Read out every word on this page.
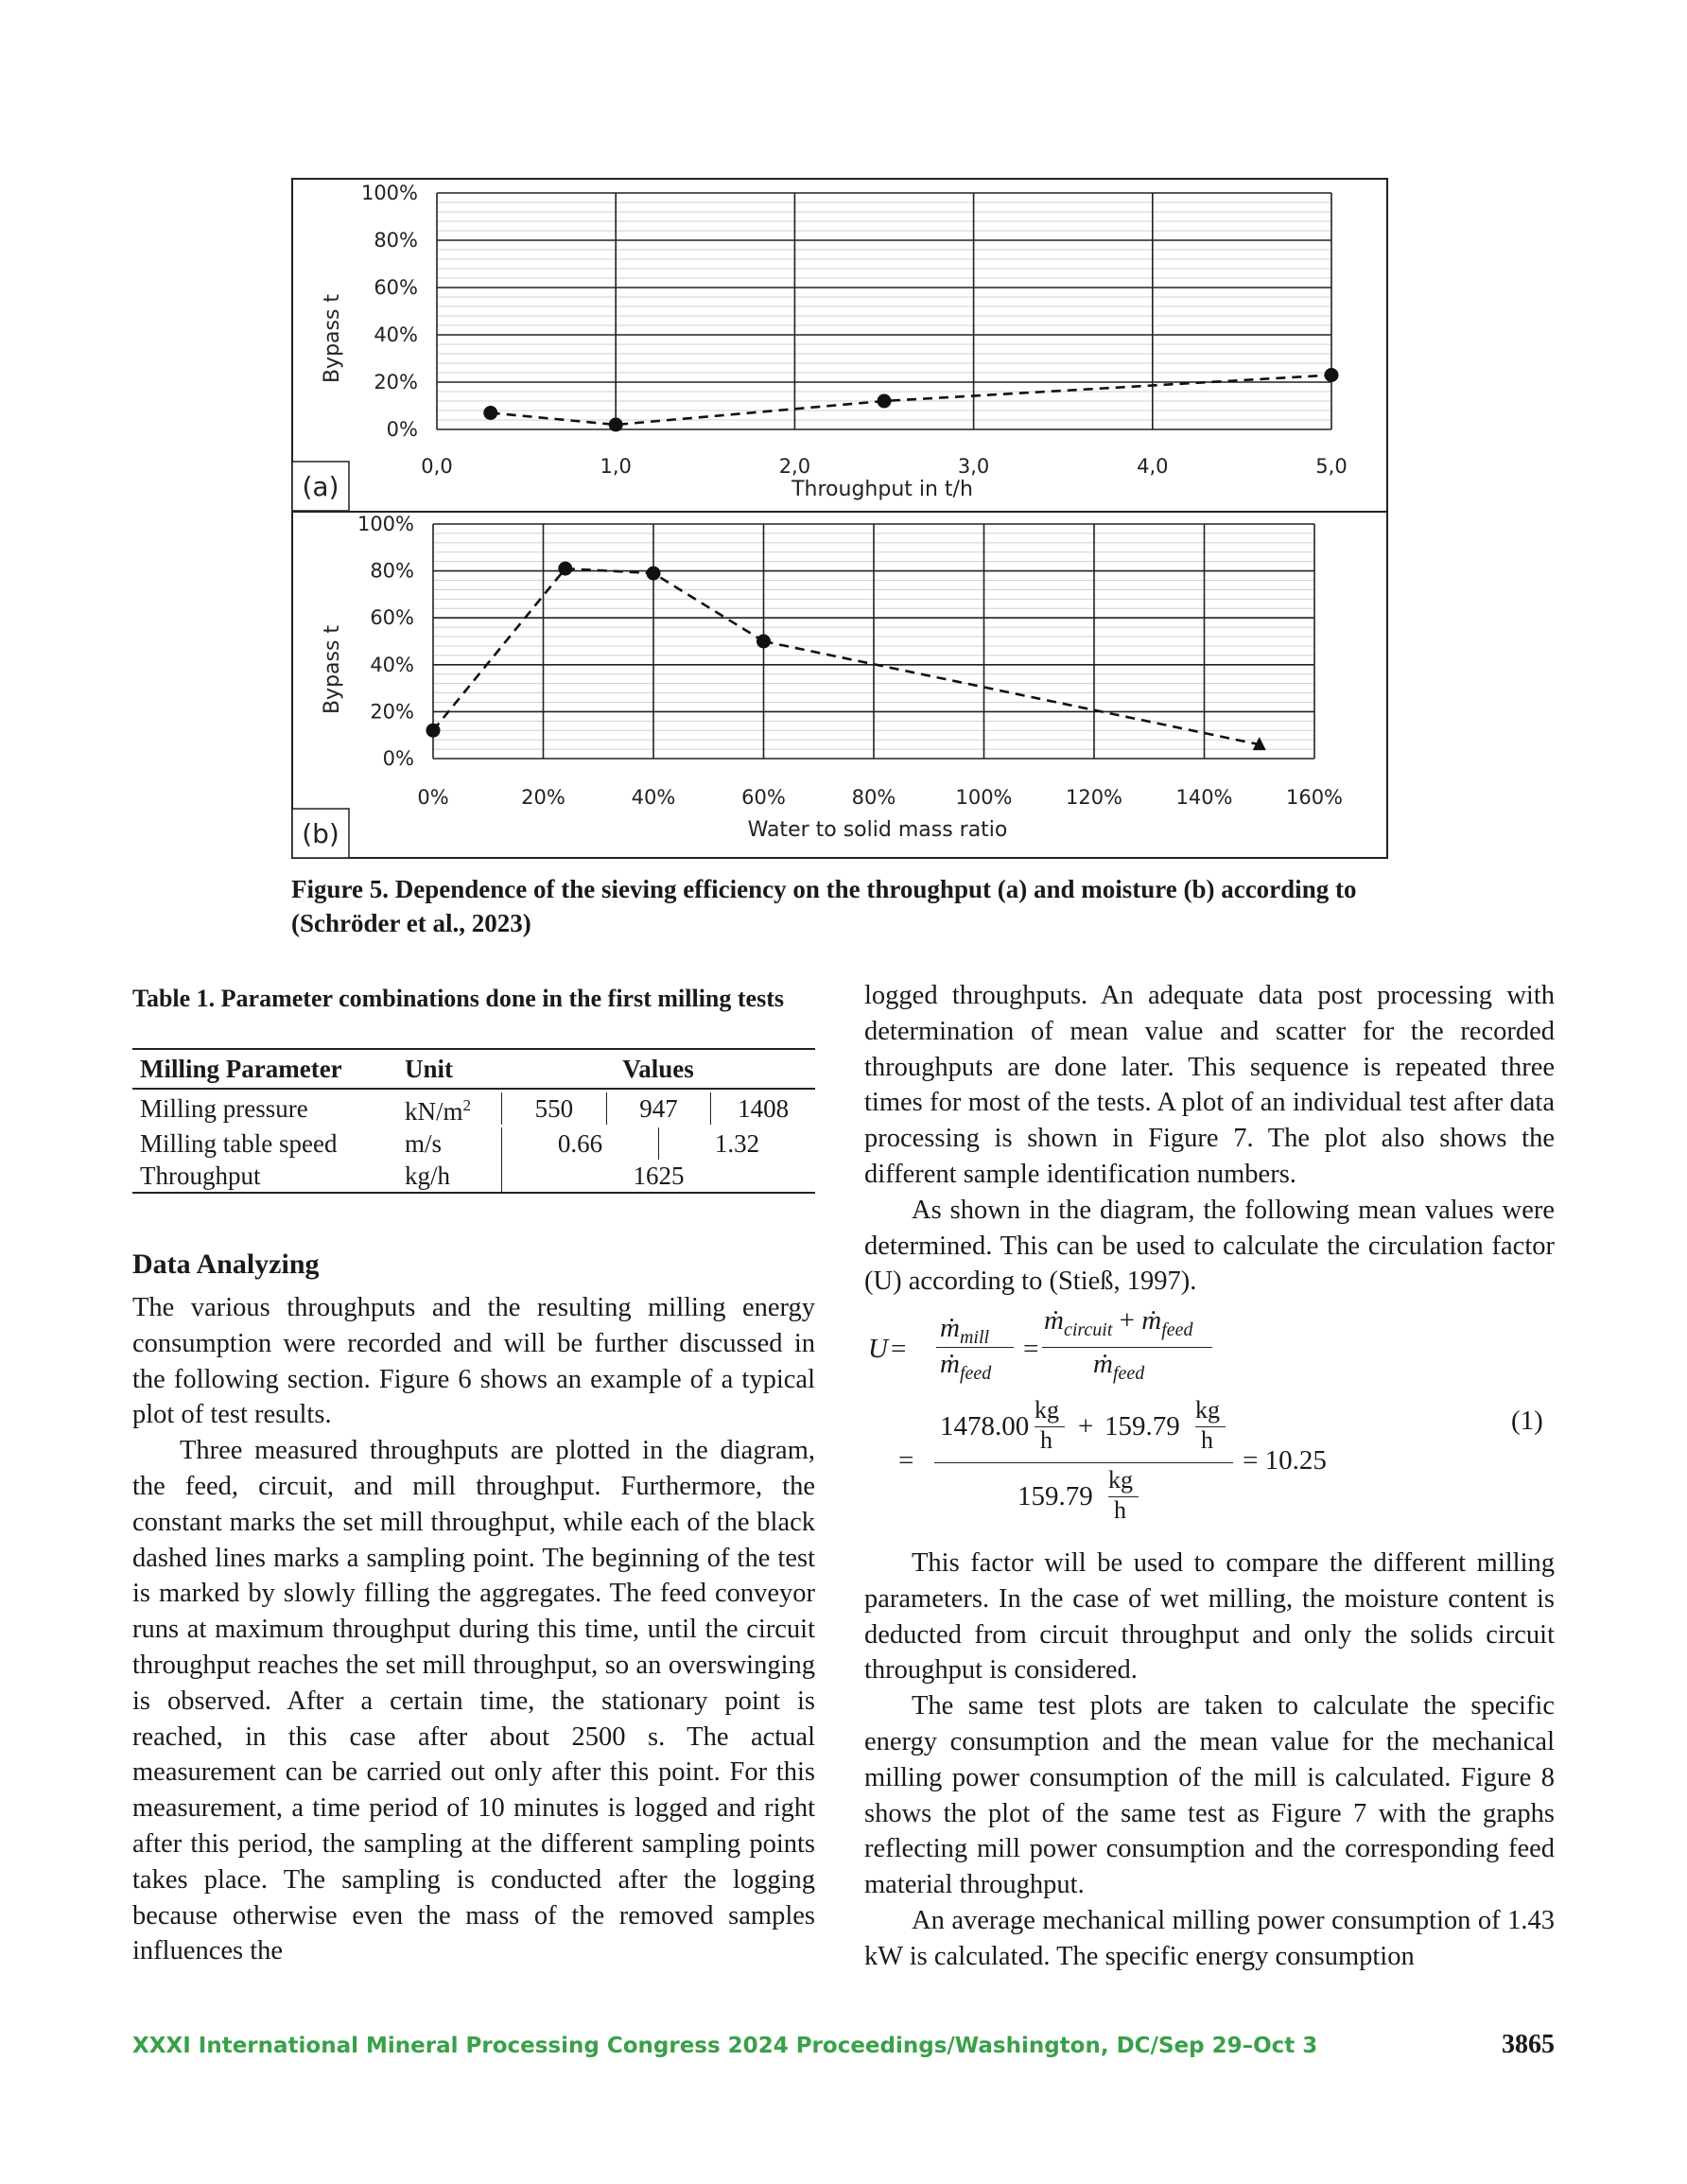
0%
20%
40%
60%
80%
100%
0,0	1,0	2,0	3,0	4,0	5,0
Bypass t
Throughput in t/h
(a)
0%
20%
40%
60%
80%
100%
0%	20%	40%	60%	80%	100%	120%	140%	160%
Bypass t
Water to solid mass ratio
(b)
Figure 5. Dependence of the sieving efficiency on the throughput (a) and moisture (b) according to (Schröder et al., 2023)
Table 1. Parameter combinations done in the first milling tests
Milling Parameter	Unit	Values
Milling pressure	$kN/m^2$	550 947 1408

Milling table speed	m/s	0.66 1.32

Throughput	kg/h	1625
Data Analyzing

The various throughputs and the resulting milling energy consumption were recorded and will be further discussed in the following section. Figure 6 shows an example of a typical plot of test results.

Three measured throughputs are plotted in the diagram, the feed, circuit, and mill throughput. Furthermore, the constant marks the set mill throughput, while each of the black dashed lines marks a sampling point. The beginning of the test is marked by slowly filling the aggregates. The feed conveyor runs at maximum throughput during this time, until the circuit throughput reaches the set mill throughput, so an overswinging is observed. After a certain time, the stationary point is reached, in this case after about 2500 s. The actual measurement can be carried out only after this point. For this measurement, a time period of 10 minutes is logged and right after this period, the sampling at the different sampling points takes place. The sampling is conducted after the logging because otherwise even the mass of the removed samples influences the

logged throughputs. An adequate data post processing with determination of mean value and scatter for the recorded throughputs are done later. This sequence is repeated three times for most of the tests. A plot of an individual test after data processing is shown in Figure 7. The plot also shows the different sample identification numbers.

As shown in the diagram, the following mean values were determined. This can be used to calculate the circulation factor (U) according to (Stieß, 1997).

U =
ṁ$_{mill}$
ṁ$_{feed}$
=
ṁ$_{circuit}$ + ṁ$_{feed}$
ṁ$_{feed}$
=
1478.00
kg
h + 159.79
kg
h
159.79
kg
h
= 10.25
(1)

This factor will be used to compare the different milling parameters. In the case of wet milling, the moisture content is deducted from circuit throughput and only the solids circuit throughput is considered.

The same test plots are taken to calculate the specific energy consumption and the mean value for the mechanical milling power consumption of the mill is calculated. Figure 8 shows the plot of the same test as Figure 7 with the graphs reflecting mill power consumption and the corresponding feed material throughput.

An average mechanical milling power consumption of 1.43 kW is calculated. The specific energy consumption

XXXI International Mineral Processing Congress 2024 Proceedings/Washington, DC/Sep 29–Oct 3	3865
